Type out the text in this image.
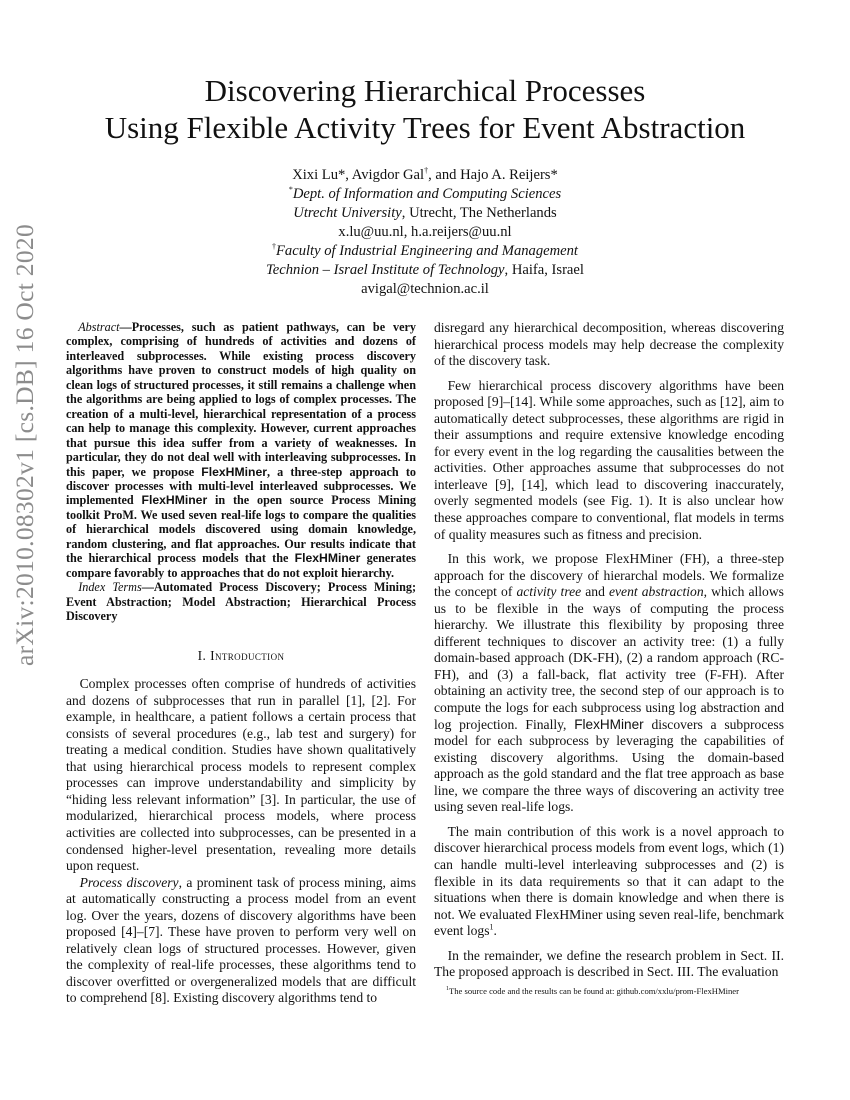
Discovering Hierarchical Processes
Using Flexible Activity Trees for Event Abstraction
Xixi Lu*, Avigdor Gal†, and Hajo A. Reijers*
*Dept. of Information and Computing Sciences
Utrecht University, Utrecht, The Netherlands
x.lu@uu.nl, h.a.reijers@uu.nl
†Faculty of Industrial Engineering and Management
Technion – Israel Institute of Technology, Haifa, Israel
avigal@technion.ac.il
arXiv:2010.08302v1 [cs.DB] 16 Oct 2020	Abstract—Processes, such as patient pathways, can be very complex, comprising of hundreds of activities and dozens of interleaved subprocesses. While existing process discovery algorithms have proven to construct models of high quality on clean logs of structured processes, it still remains a challenge when the algorithms are being applied to logs of complex processes. The creation of a multi-level, hierarchical representation of a process can help to manage this complexity. However, current approaches that pursue this idea suffer from a variety of weaknesses. In particular, they do not deal well with interleaving subprocesses. In this paper, we propose FlexHMiner, a three-step approach to discover processes with multi-level interleaved subprocesses. We implemented FlexHMiner in the open source Process Mining toolkit ProM. We used seven real-life logs to compare the qualities of hierarchical models discovered using domain knowledge, random clustering, and flat approaches. Our results indicate that the hierarchical process models that the FlexHMiner generates compare favorably to approaches that do not exploit hierarchy.

Index Terms—Automated Process Discovery; Process Mining; Event Abstraction; Model Abstraction; Hierarchical Process Discovery

I. Introduction

Complex processes often comprise of hundreds of activities and dozens of subprocesses that run in parallel [1], [2]. For example, in healthcare, a patient follows a certain process that consists of several procedures (e.g., lab test and surgery) for treating a medical condition. Studies have shown qualitatively that using hierarchical process models to represent complex processes can improve understandability and simplicity by “hiding less relevant information” [3]. In particular, the use of modularized, hierarchical process models, where process activities are collected into subprocesses, can be presented in a condensed higher-level presentation, revealing more details upon request.

Process discovery, a prominent task of process mining, aims at automatically constructing a process model from an event log. Over the years, dozens of discovery algorithms have been proposed [4]–[7]. These have proven to perform very well on relatively clean logs of structured processes. However, given the complexity of real-life processes, these algorithms tend to discover overfitted or overgeneralized models that are difficult to comprehend [8]. Existing discovery algorithms tend to

disregard any hierarchical decomposition, whereas discovering hierarchical process models may help decrease the complexity of the discovery task.

Few hierarchical process discovery algorithms have been proposed [9]–[14]. While some approaches, such as [12], aim to automatically detect subprocesses, these algorithms are rigid in their assumptions and require extensive knowledge encoding for every event in the log regarding the causalities between the activities. Other approaches assume that subprocesses do not interleave [9], [14], which lead to discovering inaccurately, overly segmented models (see Fig. 1). It is also unclear how these approaches compare to conventional, flat models in terms of quality measures such as fitness and precision.

In this work, we propose FlexHMiner (FH), a three-step approach for the discovery of hierarchal models. We formalize the concept of activity tree and event abstraction, which allows us to be flexible in the ways of computing the process hierarchy. We illustrate this flexibility by proposing three different techniques to discover an activity tree: (1) a fully domain-based approach (DK-FH), (2) a random approach (RC-FH), and (3) a fall-back, flat activity tree (F-FH). After obtaining an activity tree, the second step of our approach is to compute the logs for each subprocess using log abstraction and log projection. Finally, FlexHMiner discovers a subprocess model for each subprocess by leveraging the capabilities of existing discovery algorithms. Using the domain-based approach as the gold standard and the flat tree approach as base line, we compare the three ways of discovering an activity tree using seven real-life logs.

The main contribution of this work is a novel approach to discover hierarchical process models from event logs, which (1) can handle multi-level interleaving subprocesses and (2) is flexible in its data requirements so that it can adapt to the situations when there is domain knowledge and when there is not. We evaluated FlexHMiner using seven real-life, benchmark event logs$^1$.

In the remainder, we define the research problem in Sect. II. The proposed approach is described in Sect. III. The evaluation

$^1$The source code and the results can be found at: github.com/xxlu/prom-FlexHMiner
